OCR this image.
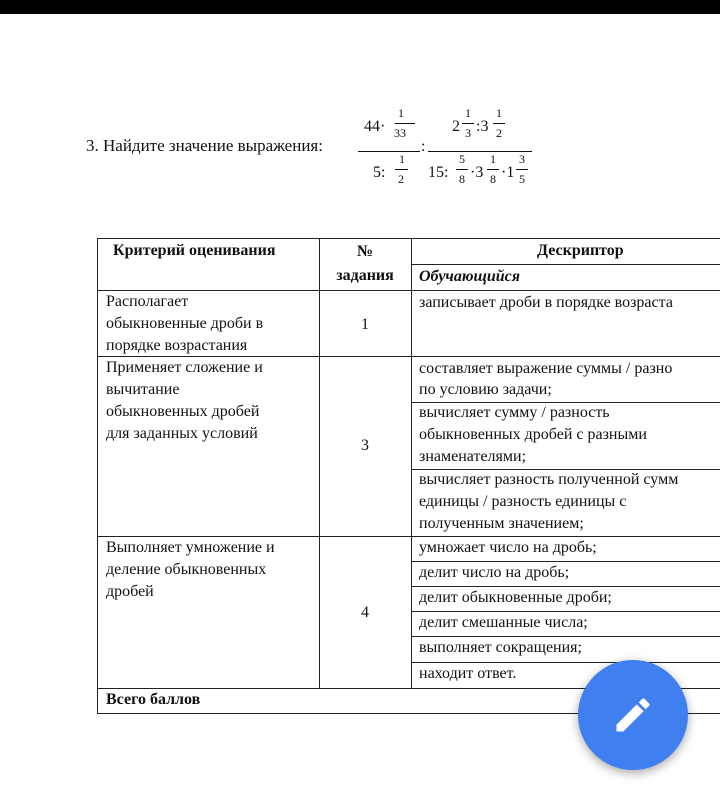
3. Найдите значение выражения:
44·
1
33
5:
1
2
:
2
1
3 :3
1
2
15:
5
8 ·3
1
8 ·1
3
5
Критерий оценивания	№ задания
Дескриптор
Обучающийся
Располагает
обыкновенные дроби в
порядке возрастания
1
записывает дроби в порядке возраста
Применяет сложение и
вычитание
обыкновенных дробей
для заданных условий
3
составляет выражение суммы / разно
по условию задачи;
вычисляет сумму / разность
обыкновенных дробей с разными
знаменателями;
вычисляет разность полученной сумм
единицы / разность единицы с
полученным значением;
Выполняет умножение и
деление обыкновенных
дробей
4
умножает число на дробь;
делит число на дробь;
делит обыкновенные дроби;
делит смешанные числа;
выполняет сокращения;
находит ответ.
Всего баллов
